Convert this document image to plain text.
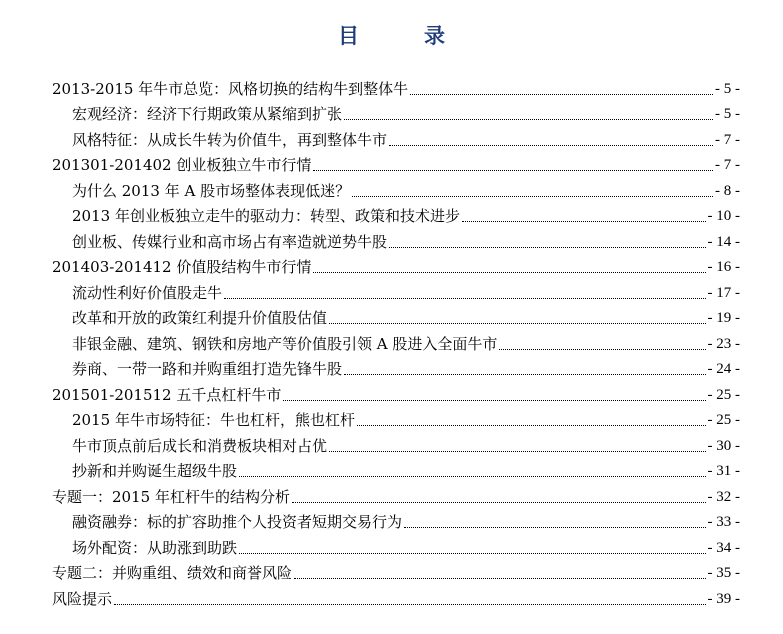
目　录
2013-2015 年牛市总览：风格切换的结构牛到整体牛	- 5 -
宏观经济：经济下行期政策从紧缩到扩张	- 5 -
风格特征：从成长牛转为价值牛，再到整体牛市	- 7 -
201301-201402 创业板独立牛市行情	- 7 -
为什么 2013 年 A 股市场整体表现低迷？	- 8 -
2013 年创业板独立走牛的驱动力：转型、政策和技术进步	- 10 -
创业板、传媒行业和高市场占有率造就逆势牛股	- 14 -
201403-201412 价值股结构牛市行情	- 16 -
流动性利好价值股走牛	- 17 -
改革和开放的政策红利提升价值股估值	- 19 -
非银金融、建筑、钢铁和房地产等价值股引领 A 股进入全面牛市	- 23 -
券商、一带一路和并购重组打造先锋牛股	- 24 -
201501-201512 五千点杠杆牛市	- 25 -
2015 年牛市场特征：牛也杠杆，熊也杠杆	- 25 -
牛市顶点前后成长和消费板块相对占优	- 30 -
抄新和并购诞生超级牛股	- 31 -
专题一：2015 年杠杆牛的结构分析	- 32 -
融资融券：标的扩容助推个人投资者短期交易行为	- 33 -
场外配资：从助涨到助跌	- 34 -
专题二：并购重组、绩效和商誉风险	- 35 -
风险提示	- 39 -
